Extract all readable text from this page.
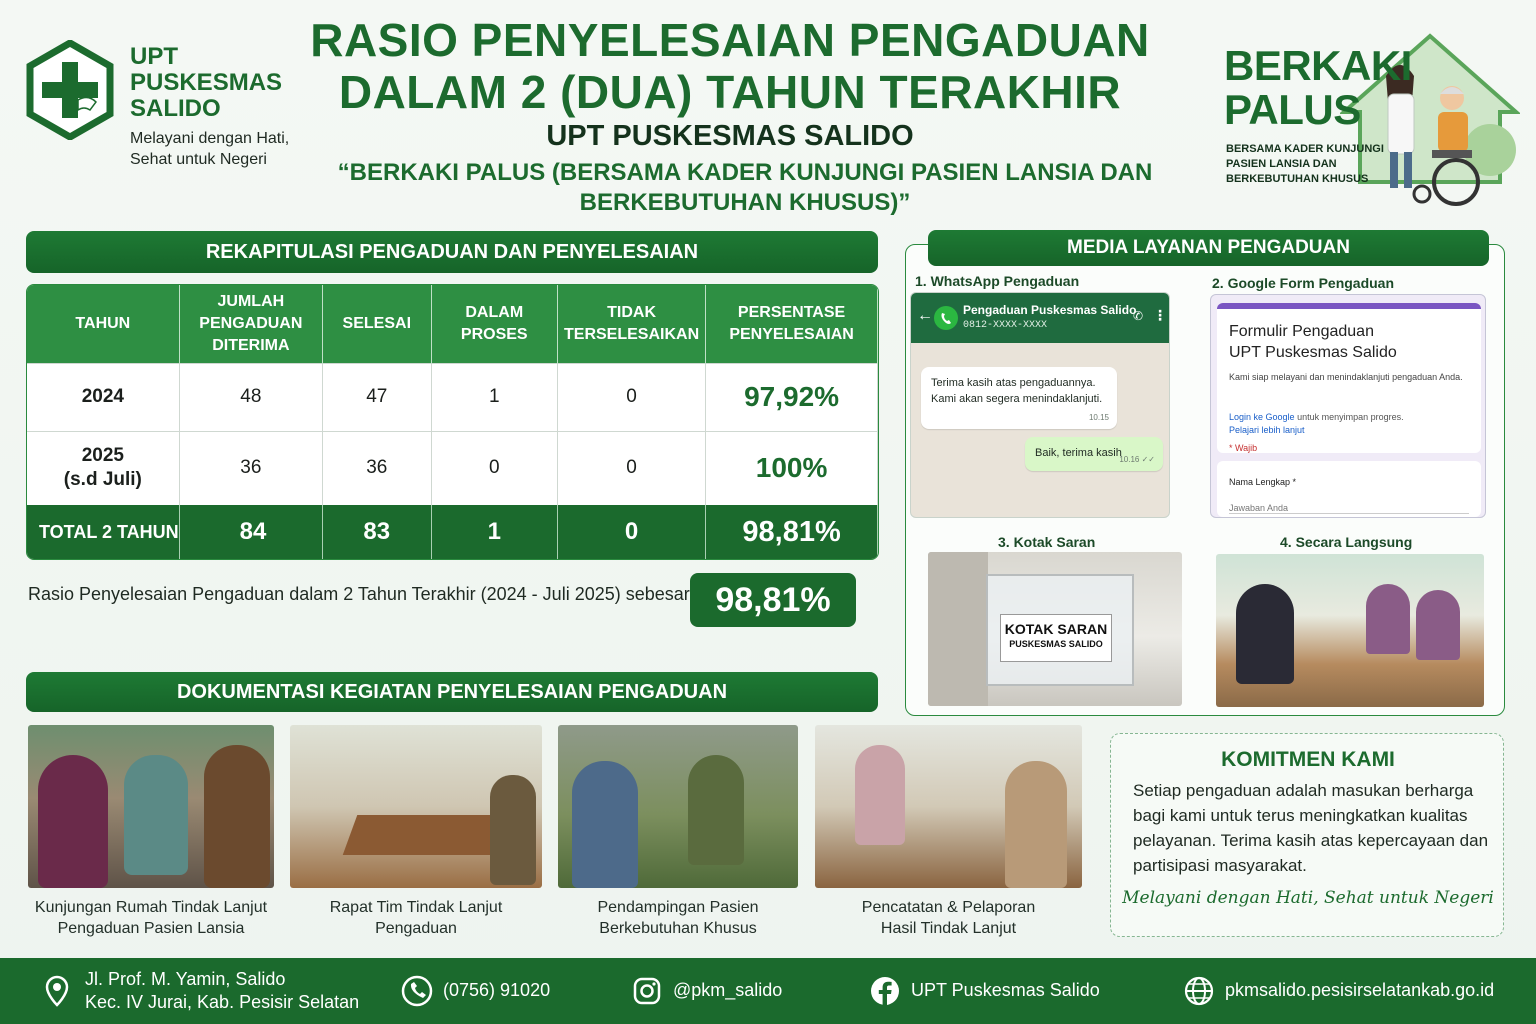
UPT
PUSKESMAS
SALIDO
Melayani dengan Hati,
Sehat untuk Negeri
RASIO PENYELESAIAN PENGADUAN
DALAM 2 (DUA) TAHUN TERAKHIR
UPT PUSKESMAS SALIDO
“BERKAKI PALUS (BERSAMA KADER KUNJUNGI PASIEN LANSIA DAN
BERKEBUTUHAN KHUSUS)”
BERKAKI
PALUS
BERSAMA KADER KUNJUNGI
PASIEN LANSIA DAN
BERKEBUTUHAN KHUSUS
REKAPITULASI PENGADUAN DAN PENYELESAIAN
TAHUN	JUMLAH PENGADUAN DITERIMA	SELESAI	DALAM PROSES	TIDAK TERSELESAIKAN	PERSENTASE PENYELESAIAN
2024	48	47	1	0	97,92%

2025
(s.d Juli)	36	36	0	0	100%
TOTAL 2 TAHUN	84	83	1	0	98,81%
Rasio Penyelesaian Pengaduan dalam 2 Tahun Terakhir (2024 - Juli 2025) sebesar 98,81%
MEDIA LAYANAN PENGADUAN
1. WhatsApp Pengaduan
←	Pengaduan Puskesmas Salido
0812-XXXX-XXXX
✆ ⋮
Terima kasih atas pengaduannya. Kami akan segera menindaklanjuti.
10.15
Baik, terima kasih
10.16 ✓✓
2. Google Form Pengaduan
Formulir Pengaduan
UPT Puskesmas Salido
Kami siap melayani dan menindaklanjuti pengaduan Anda.
Login ke Google untuk menyimpan progres.
Pelajari lebih lanjut
* Wajib
Nama Lengkap *
Jawaban Anda
3. Kotak Saran
KOTAK SARAN
PUSKESMAS SALIDO
4. Secara Langsung
DOKUMENTASI KEGIATAN PENYELESAIAN PENGADUAN
Kunjungan Rumah Tindak Lanjut
Pengaduan Pasien Lansia
Rapat Tim Tindak Lanjut
Pengaduan
Pendampingan Pasien
Berkebutuhan Khusus
Pencatatan & Pelaporan
Hasil Tindak Lanjut
KOMITMEN KAMI
Setiap pengaduan adalah masukan berharga bagi kami untuk terus meningkatkan kualitas pelayanan. Terima kasih atas kepercayaan dan partisipasi masyarakat.
Melayani dengan Hati, Sehat untuk Negeri
Jl. Prof. M. Yamin, Salido
Kec. IV Jurai, Kab. Pesisir Selatan
(0756) 91020	@pkm_salido	UPT Puskesmas Salido	pkmsalido.pesisirselatankab.go.id
